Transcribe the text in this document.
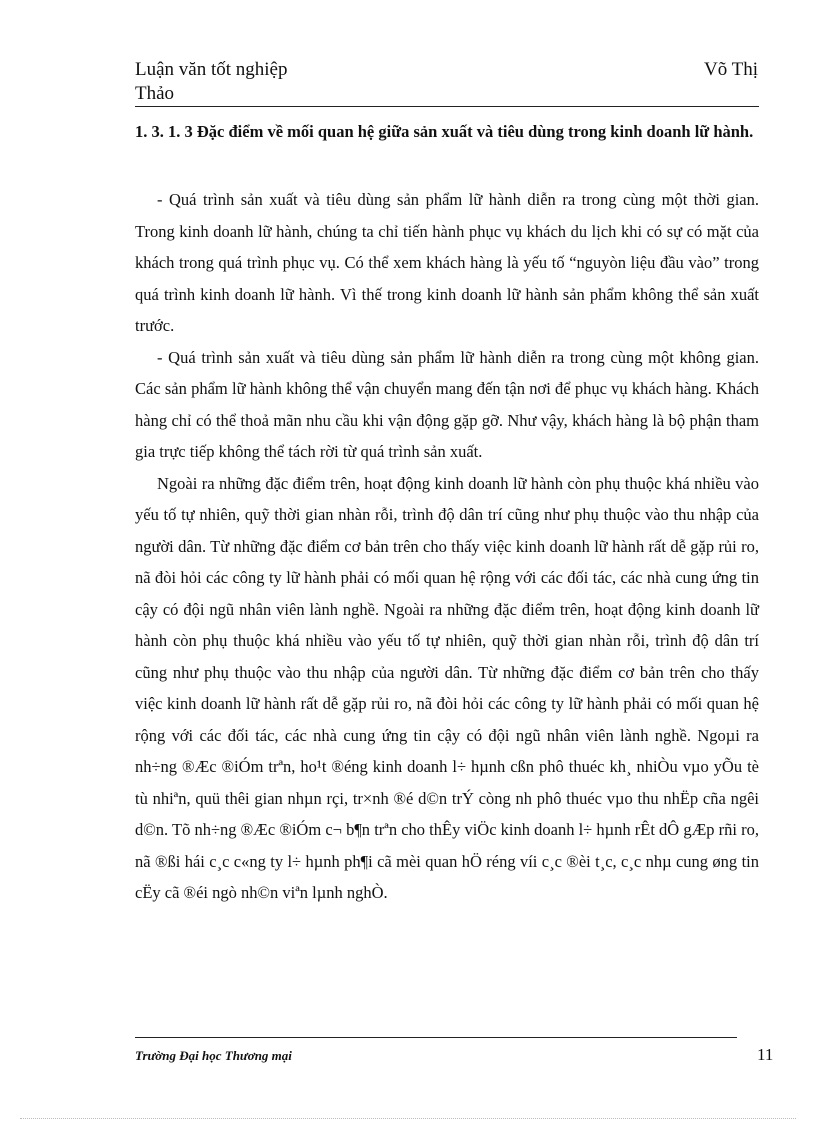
Luận văn tốt nghiệp
Thảo
Võ Thị
1. 3. 1. 3 Đặc điểm về mối quan hệ giữa sản xuất và tiêu dùng trong kinh doanh lữ hành.

- Quá trình sản xuất và tiêu dùng sản phẩm lữ hành diễn ra trong cùng một thời gian. Trong kinh doanh lữ hành, chúng ta chỉ tiến hành phục vụ khách du lịch khi có sự có mặt của khách trong quá trình phục vụ. Có thể xem khách hàng là yếu tố “nguyòn liệu đầu vào” trong quá trình kinh doanh lữ hành. Vì thế trong kinh doanh lữ hành sản phẩm không thể sản xuất trước.

- Quá trình sản xuất và tiêu dùng sản phẩm lữ hành diễn ra trong cùng một không gian. Các sản phẩm lữ hành không thể vận chuyển mang đến tận nơi để phục vụ khách hàng. Khách hàng chỉ có thể thoả mãn nhu cầu khi vận động gặp gỡ. Như vậy, khách hàng là bộ phận tham gia trực tiếp không thể tách rời từ quá trình sản xuất.

Ngoài ra những đặc điểm trên, hoạt động kinh doanh lữ hành còn phụ thuộc khá nhiều vào yếu tố tự nhiên, quỹ thời gian nhàn rỗi, trình độ dân trí cũng như phụ thuộc vào thu nhập của người dân. Từ những đặc điểm cơ bản trên cho thấy việc kinh doanh lữ hành rất dễ gặp rủi ro, nã đòi hỏi các công ty lữ hành phải có mối quan hệ rộng với các đối tác, các nhà cung ứng tin cậy có đội ngũ nhân viên lành nghề. Ngoài ra những đặc điểm trên, hoạt động kinh doanh lữ hành còn phụ thuộc khá nhiều vào yếu tố tự nhiên, quỹ thời gian nhàn rỗi, trình độ dân trí cũng như phụ thuộc vào thu nhập của người dân. Từ những đặc điểm cơ bản trên cho thấy việc kinh doanh lữ hành rất dễ gặp rủi ro, nã đòi hỏi các công ty lữ hành phải có mối quan hệ rộng với các đối tác, các nhà cung ứng tin cậy có đội ngũ nhân viên lành nghề. Ngoµi ra nh÷ng ®Æc ®iÓm trªn, ho¹t ®éng kinh doanh l÷ hµnh cßn phô thuéc kh¸ nhiÒu vµo yÕu tè tù nhiªn, quü thêi gian nhµn rçi, tr×nh ®é d©n trÝ còng nh phô thuéc vµo thu nhËp cña ngêi d©n. Tõ nh÷ng ®Æc ®iÓm c¬ b¶n trªn cho thÊy viÖc kinh doanh l÷ hµnh rÊt dÔ gÆp rñi ro, nã ®ßi hái c¸c c«ng ty l÷ hµnh ph¶i cã mèi quan hÖ réng víi c¸c ®èi t¸c, c¸c nhµ cung øng tin cËy cã ®éi ngò nh©n viªn lµnh nghÒ.

Trường Đại học Thương mại	11
